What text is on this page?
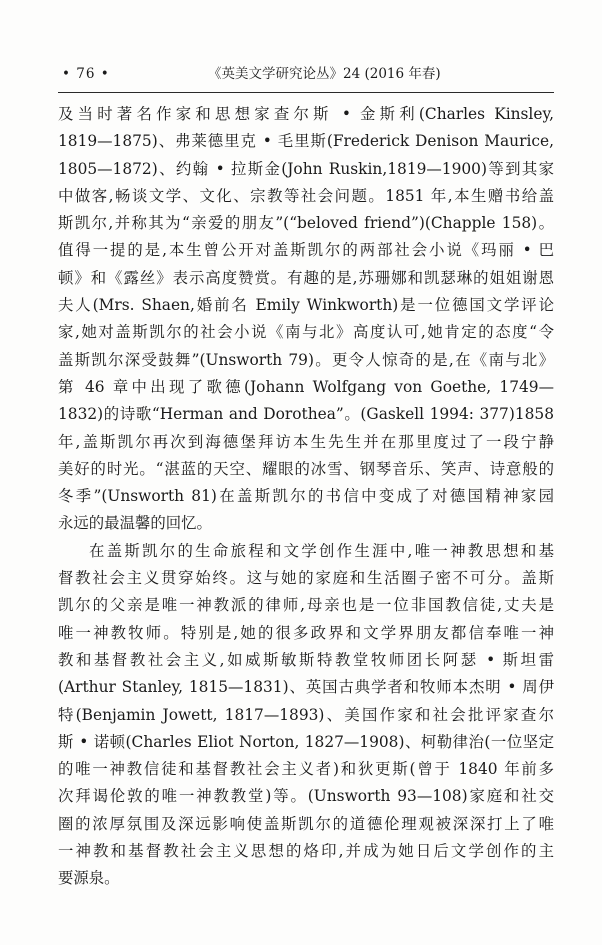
• 76 •	《英美文学研究论丛》24 (2016 年春)
及当时著名作家和思想家查尔斯 • 金斯利(Charles Kinsley,
1819—1875)、弗莱德里克 • 毛里斯(Frederick Denison Maurice,
1805—1872)、约翰 • 拉斯金(John Ruskin,1819—1900)等到其家
中做客,畅谈文学、文化、宗教等社会问题。1851 年,本生赠书给盖
斯凯尔,并称其为“亲爱的朋友”(“beloved friend”)(Chapple 158)。
值得一提的是,本生曾公开对盖斯凯尔的两部社会小说《玛丽 • 巴
顿》和《露丝》表示高度赞赏。有趣的是,苏珊娜和凯瑟琳的姐姐谢恩
夫人(Mrs. Shaen,婚前名 Emily Winkworth)是一位德国文学评论
家,她对盖斯凯尔的社会小说《南与北》高度认可,她肯定的态度“令
盖斯凯尔深受鼓舞”(Unsworth 79)。更令人惊奇的是,在《南与北》
第 46 章中出现了歌德(Johann Wolfgang von Goethe, 1749—
1832)的诗歌“Herman and Dorothea”。(Gaskell 1994: 377)1858
年,盖斯凯尔再次到海德堡拜访本生先生并在那里度过了一段宁静
美好的时光。“湛蓝的天空、耀眼的冰雪、钢琴音乐、笑声、诗意般的
冬季”(Unsworth 81)在盖斯凯尔的书信中变成了对德国精神家园
永远的最温馨的回忆。
在盖斯凯尔的生命旅程和文学创作生涯中,唯一神教思想和基
督教社会主义贯穿始终。这与她的家庭和生活圈子密不可分。盖斯
凯尔的父亲是唯一神教派的律师,母亲也是一位非国教信徒,丈夫是
唯一神教牧师。特别是,她的很多政界和文学界朋友都信奉唯一神
教和基督教社会主义,如威斯敏斯特教堂牧师团长阿瑟 • 斯坦雷
(Arthur Stanley, 1815—1831)、英国古典学者和牧师本杰明 • 周伊
特(Benjamin Jowett, 1817—1893)、美国作家和社会批评家查尔
斯 • 诺顿(Charles Eliot Norton, 1827—1908)、柯勒律治(一位坚定
的唯一神教信徒和基督教社会主义者)和狄更斯(曾于 1840 年前多
次拜谒伦敦的唯一神教教堂)等。(Unsworth 93—108)家庭和社交
圈的浓厚氛围及深远影响使盖斯凯尔的道德伦理观被深深打上了唯
一神教和基督教社会主义思想的烙印,并成为她日后文学创作的主
要源泉。
